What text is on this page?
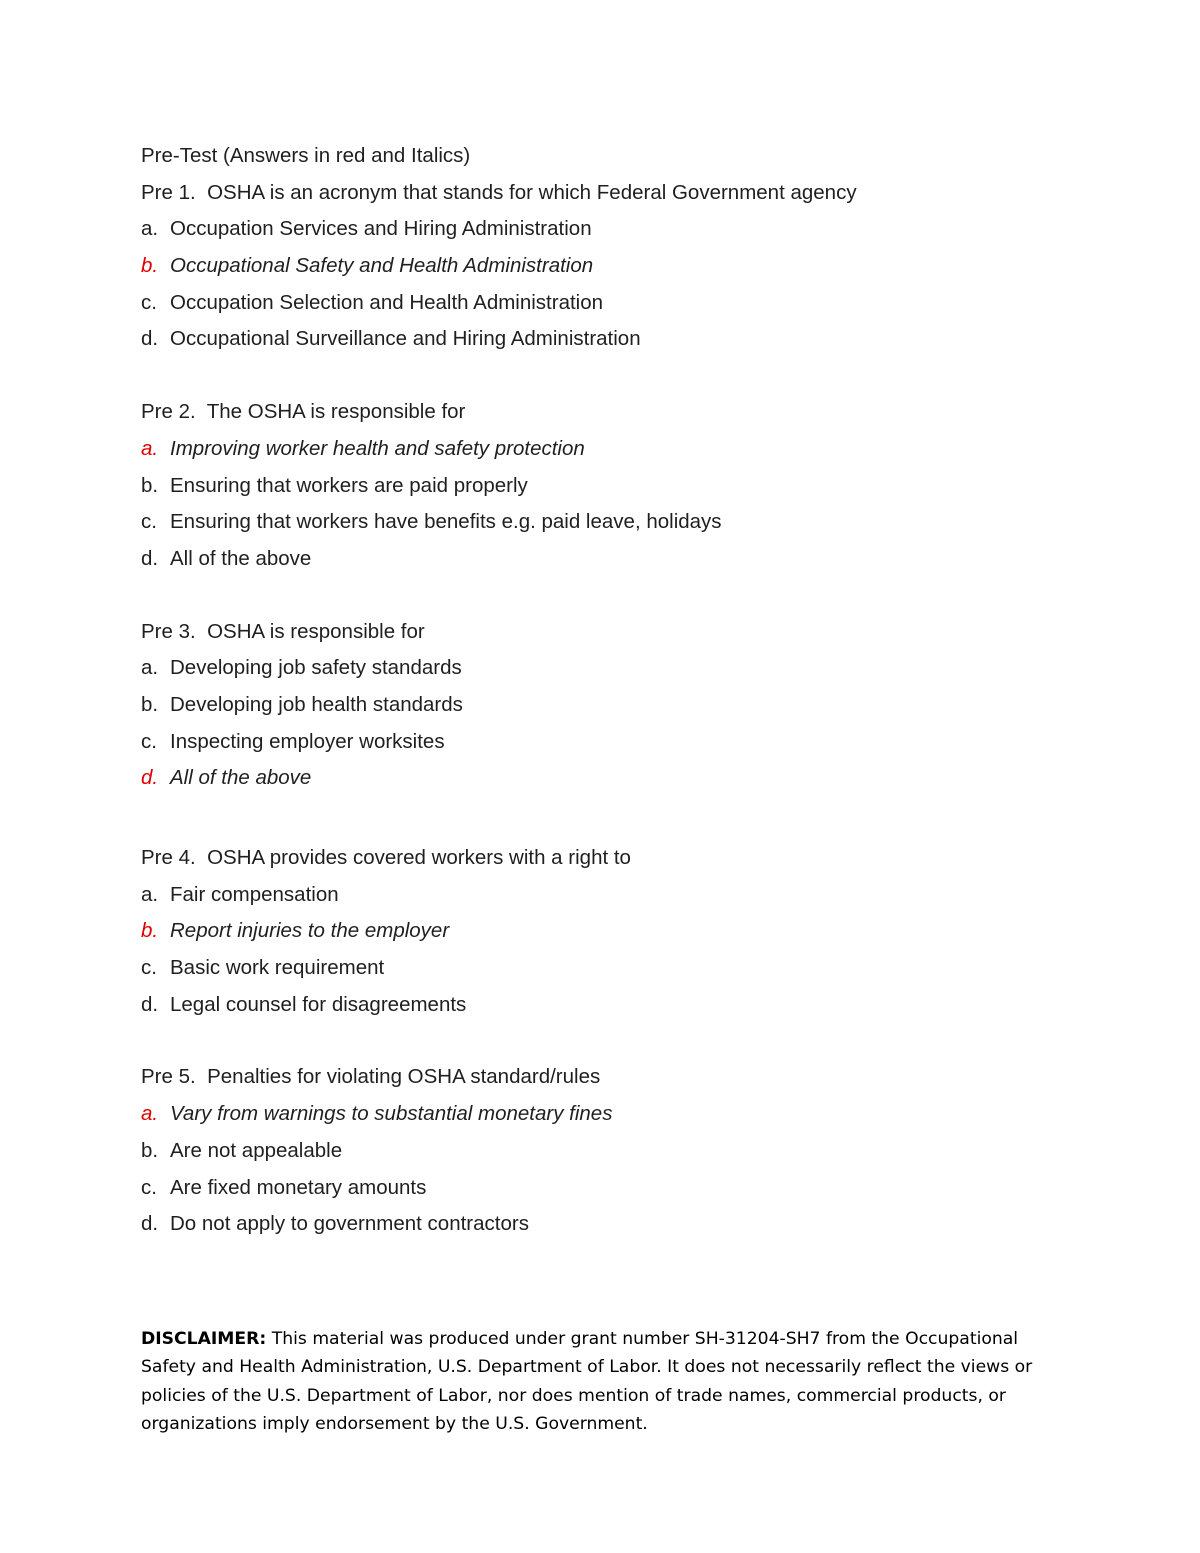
Pre-Test (Answers in red and Italics)

Pre 1. OSHA is an acronym that stands for which Federal Government agency

a. Occupation Services and Hiring Administration
b. Occupational Safety and Health Administration
c. Occupation Selection and Health Administration
d. Occupational Surveillance and Hiring Administration

Pre 2. The OSHA is responsible for

a. Improving worker health and safety protection
b. Ensuring that workers are paid properly
c. Ensuring that workers have benefits e.g. paid leave, holidays
d. All of the above

Pre 3. OSHA is responsible for

a. Developing job safety standards
b. Developing job health standards
c. Inspecting employer worksites
d. All of the above

Pre 4. OSHA provides covered workers with a right to

a. Fair compensation
b. Report injuries to the employer
c. Basic work requirement
d. Legal counsel for disagreements

Pre 5. Penalties for violating OSHA standard/rules

a. Vary from warnings to substantial monetary fines
b. Are not appealable
c. Are fixed monetary amounts
d. Do not apply to government contractors

DISCLAIMER: This material was produced under grant number SH-31204-SH7 from the Occupational Safety and Health Administration, U.S. Department of Labor. It does not necessarily reflect the views or policies of the U.S. Department of Labor, nor does mention of trade names, commercial products, or organizations imply endorsement by the U.S. Government.
